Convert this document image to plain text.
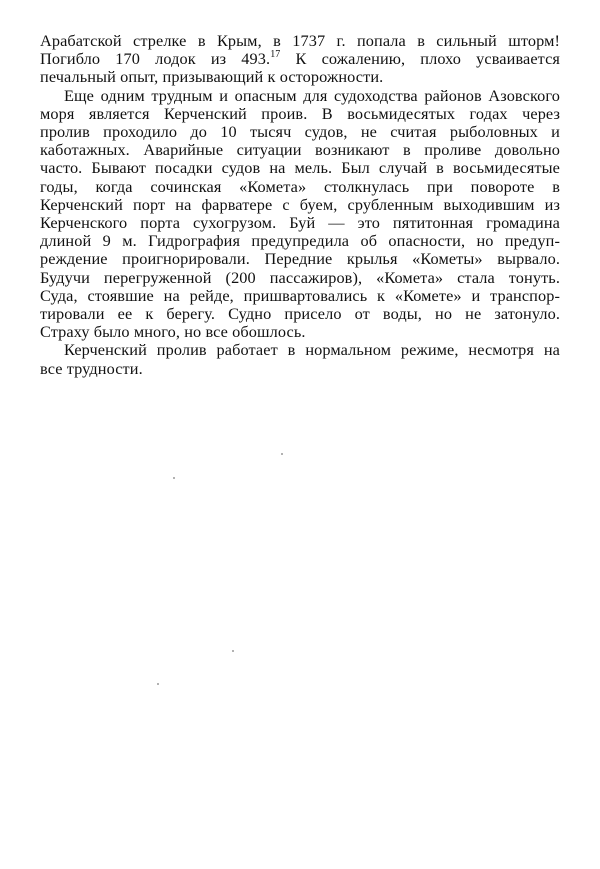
Арабатской стрелке в Крым, в 1737 г. попала в сильный шторм!
Погибло 170 лодок из 493.17 К сожалению, плохо усваивается
печальный опыт, призывающий к осторожности.

Еще одним трудным и опасным для судоходства районов Азовского
моря является Керченский проив. В восьмидесятых годах через
пролив проходило до 10 тысяч судов, не считая рыболовных и
каботажных. Аварийные ситуации возникают в проливе довольно
часто. Бывают посадки судов на мель. Был случай в восьмидесятые
годы, когда сочинская «Комета» столкнулась при повороте в
Керченский порт на фарватере с буем, срубленным выходившим из
Керченского порта сухогрузом. Буй — это пятитонная громадина
длиной 9 м. Гидрография предупредила об опасности, но предуп-
реждение проигнорировали. Передние крылья «Кометы» вырвало.
Будучи перегруженной (200 пассажиров), «Комета» стала тонуть.
Суда, стоявшие на рейде, пришвартовались к «Комете» и транспор-
тировали ее к берегу. Судно присело от воды, но не затонуло.
Страху было много, но все обошлось.

Керченский пролив работает в нормальном режиме, несмотря на
все трудности.
